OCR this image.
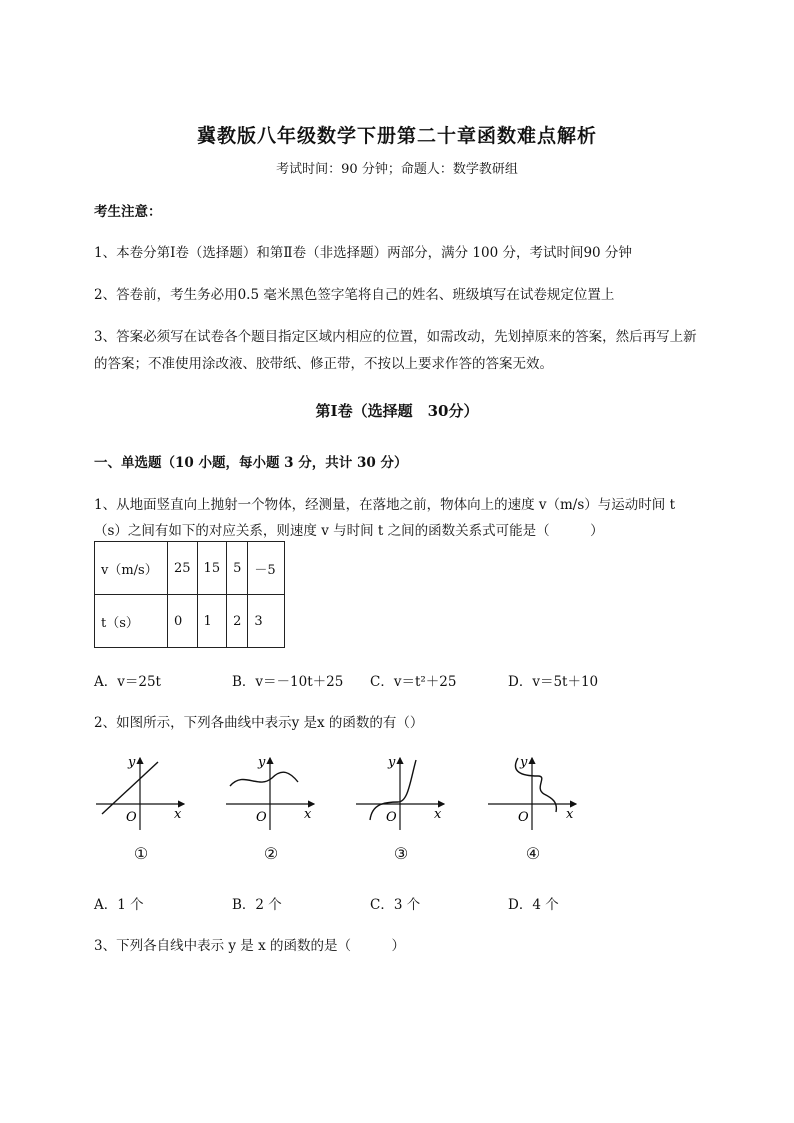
冀教版八年级数学下册第二十章函数难点解析
考试时间：90 分钟；命题人：数学教研组
考生注意：
1、本卷分第Ⅰ卷（选择题）和第Ⅱ卷（非选择题）两部分，满分 100 分，考试时间90 分钟
2、答卷前，考生务必用0.5 毫米黑色签字笔将自己的姓名、班级填写在试卷规定位置上
3、答案必须写在试卷各个题目指定区域内相应的位置，如需改动，先划掉原来的答案，然后再写上新
的答案；不准使用涂改液、胶带纸、修正带，不按以上要求作答的答案无效。
第Ⅰ卷（选择题　30分）
一、单选题（10 小题，每小题 3 分，共计 30 分）
1、从地面竖直向上抛射一个物体，经测量，在落地之前，物体向上的速度 v（m/s）与运动时间 t
（s）之间有如下的对应关系，则速度 v 与时间 t 之间的函数关系式可能是（　　　）
v（m/s）	25	15	5	－5
t（s）	0	1	2	3
A．v＝25t	B．v＝－10t＋25 C．v＝t²＋25	D．v＝5t＋10
2、如图所示，下列各曲线中表示y 是x 的函数的有（）
y
x
O
y
x
O
y
x
O
y
x
O
①	②	③	④
A．1 个	B．2 个	C．3 个	D．4 个
3、下列各自线中表示 y 是 x 的函数的是（　　　）
